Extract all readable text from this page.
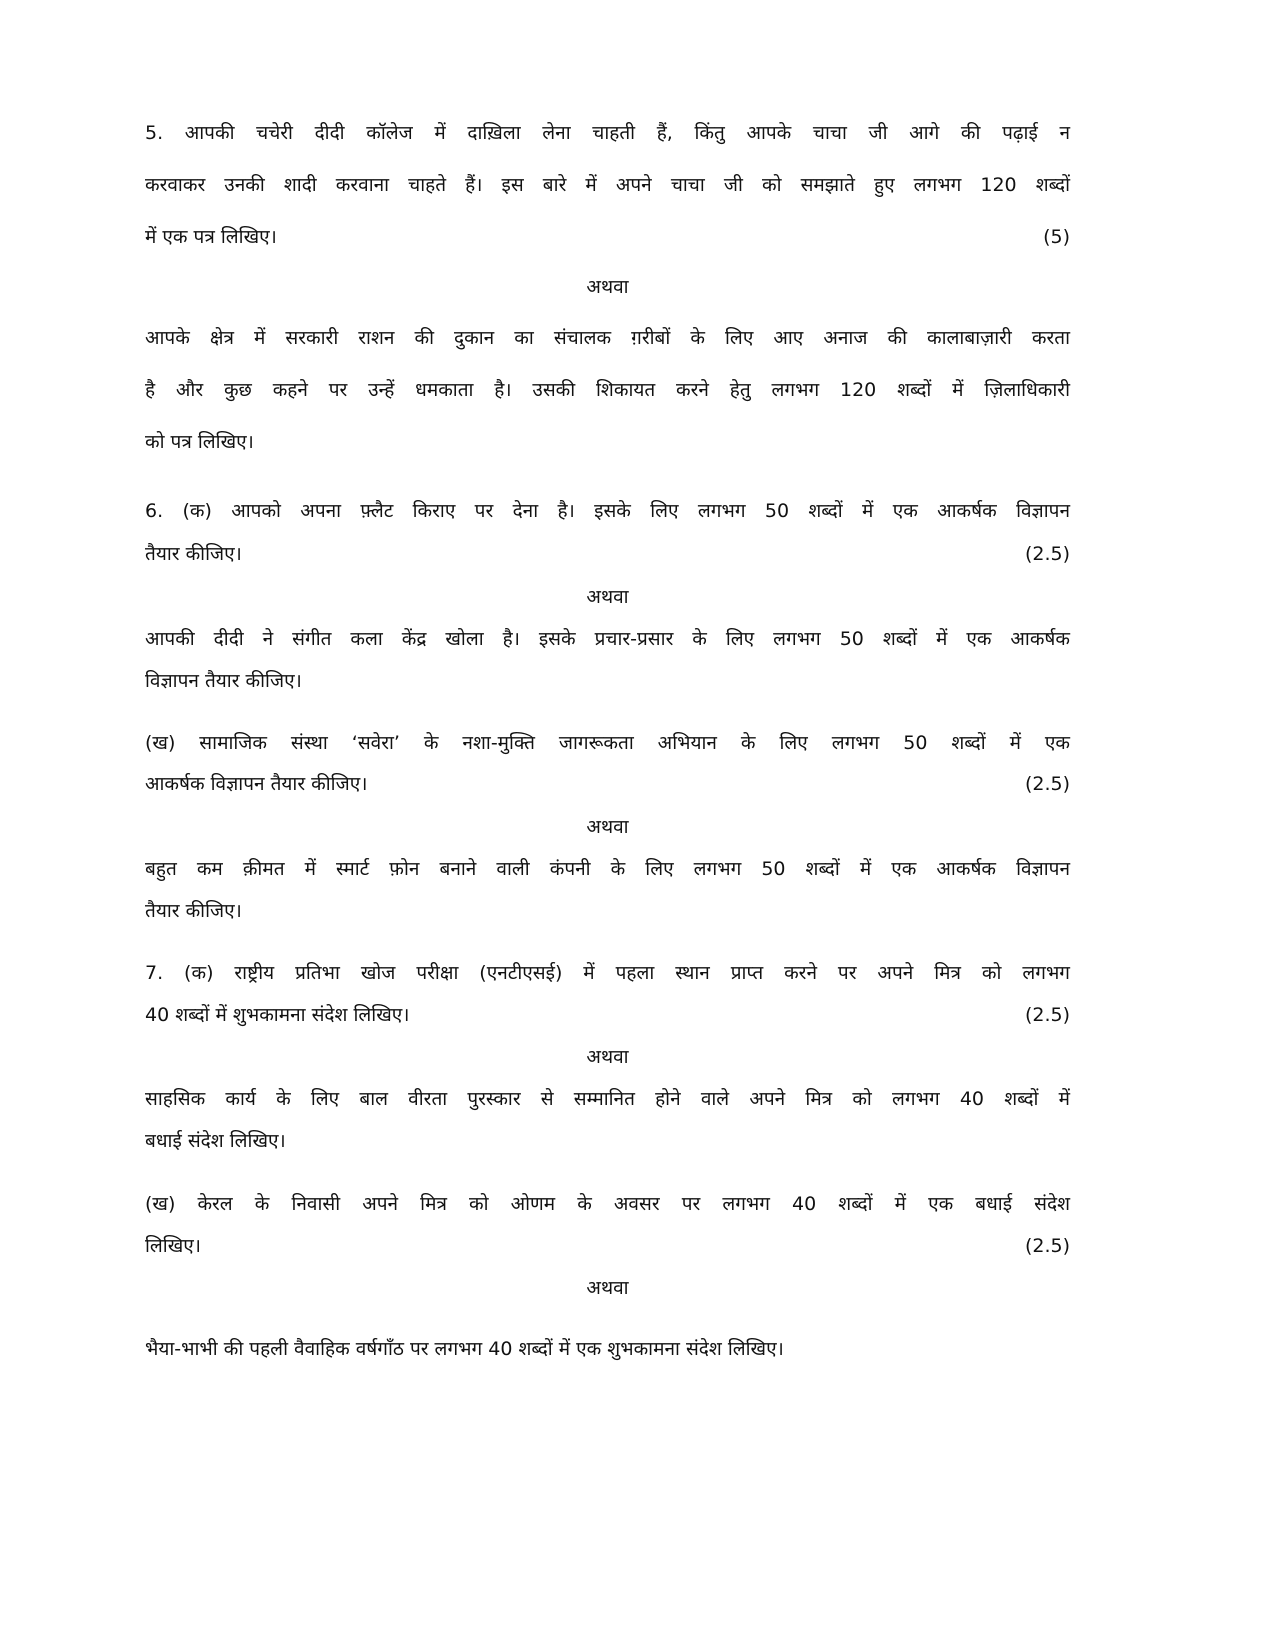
5. आपकी चचेरी दीदी कॉलेज में दाख़िला लेना चाहती हैं, किंतु आपके चाचा जी आगे की पढ़ाई न
करवाकर उनकी शादी करवाना चाहते हैं। इस बारे में अपने चाचा जी को समझाते हुए लगभग 120 शब्दों
में एक पत्र लिखिए।	(5)
अथवा
आपके क्षेत्र में सरकारी राशन की दुकान का संचालक ग़रीबों के लिए आए अनाज की कालाबाज़ारी करता
है और कुछ कहने पर उन्हें धमकाता है। उसकी शिकायत करने हेतु लगभग 120 शब्दों में ज़िलाधिकारी
को पत्र लिखिए।
6. (क) आपको अपना फ़्लैट किराए पर देना है। इसके लिए लगभग 50 शब्दों में एक आकर्षक विज्ञापन
तैयार कीजिए।	(2.5)
अथवा
आपकी दीदी ने संगीत कला केंद्र खोला है। इसके प्रचार-प्रसार के लिए लगभग 50 शब्दों में एक आकर्षक
विज्ञापन तैयार कीजिए।
(ख) सामाजिक संस्था ‘सवेरा’ के नशा-मुक्ति जागरूकता अभियान के लिए लगभग 50 शब्दों में एक
आकर्षक विज्ञापन तैयार कीजिए।	(2.5)
अथवा
बहुत कम क़ीमत में स्मार्ट फ़ोन बनाने वाली कंपनी के लिए लगभग 50 शब्दों में एक आकर्षक विज्ञापन
तैयार कीजिए।
7. (क) राष्ट्रीय प्रतिभा खोज परीक्षा (एनटीएसई) में पहला स्थान प्राप्त करने पर अपने मित्र को लगभग
40 शब्दों में शुभकामना संदेश लिखिए।	(2.5)
अथवा
साहसिक कार्य के लिए बाल वीरता पुरस्कार से सम्मानित होने वाले अपने मित्र को लगभग 40 शब्दों में
बधाई संदेश लिखिए।
(ख) केरल के निवासी अपने मित्र को ओणम के अवसर पर लगभग 40 शब्दों में एक बधाई संदेश
लिखिए।	(2.5)
अथवा
भैया-भाभी की पहली वैवाहिक वर्षगाँठ पर लगभग 40 शब्दों में एक शुभकामना संदेश लिखिए।
